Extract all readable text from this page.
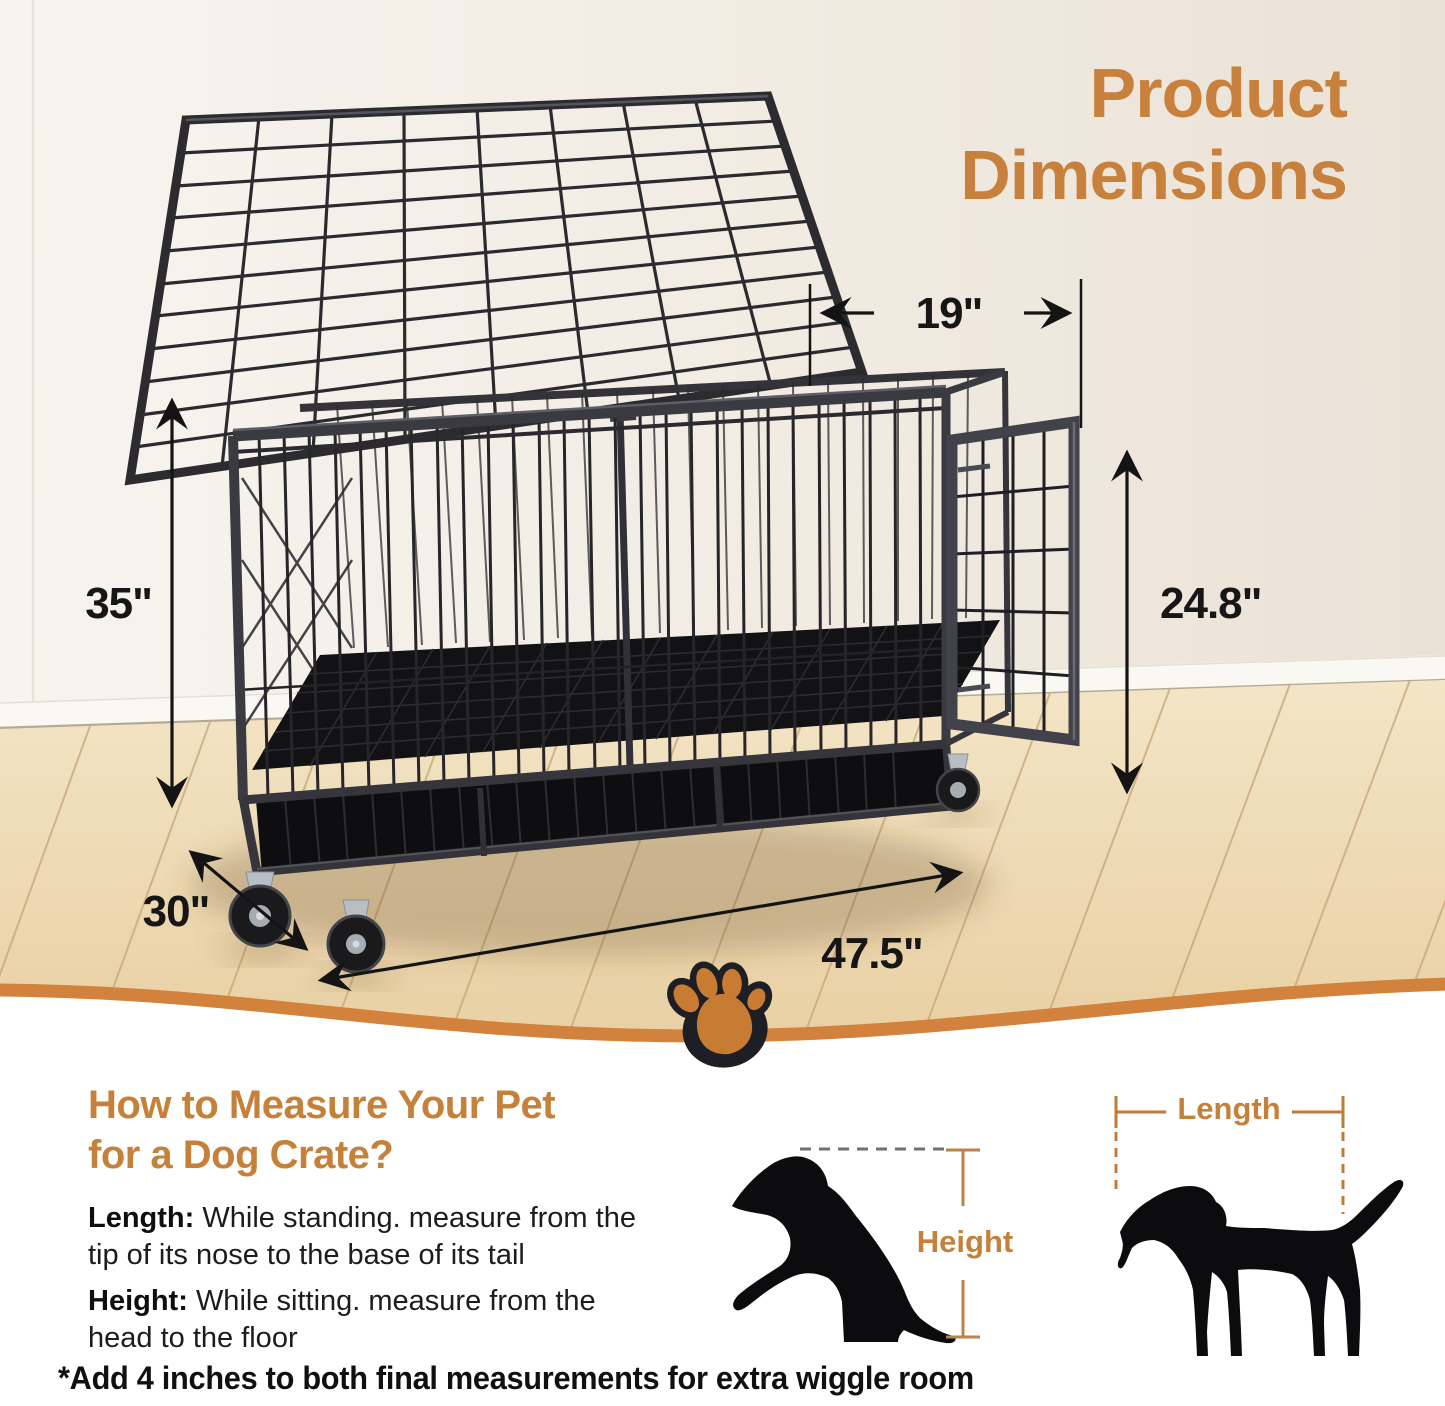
35"
19"
24.8"
30"
47.5"
Product
Dimensions
How to Measure Your Pet
for a Dog Crate?

Length: While standing. measure from the tip of its nose to the base of its tail

Height: While sitting. measure from the head to the floor

*Add 4 inches to both final measurements for extra wiggle room
Height
Length
